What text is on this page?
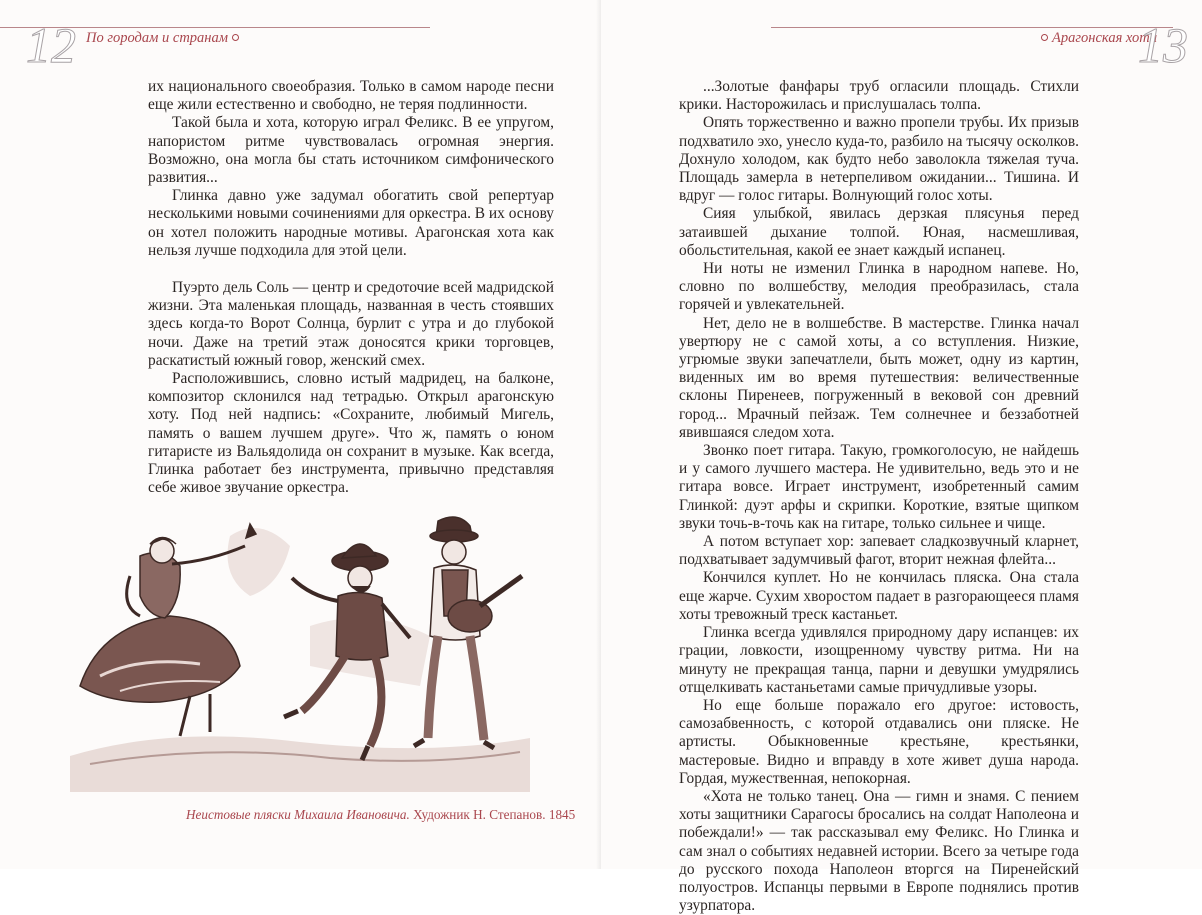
12 По городам и странам

их национального своеобразия. Только в самом народе песни еще жили естественно и свободно, не теряя подлинности.

Такой была и хота, которую играл Феликс. В ее упругом, напористом ритме чувствовалась огромная энергия. Возможно, она могла бы стать источником симфонического развития...

Глинка давно уже задумал обогатить свой репертуар несколькими новыми сочинениями для оркестра. В их основу он хотел положить народные мотивы. Арагонская хота как нельзя лучше подходила для этой цели.

Пуэрто дель Соль — центр и средоточие всей мадридской жизни. Эта маленькая площадь, названная в честь стоявших здесь когда-то Ворот Солнца, бурлит с утра и до глубокой ночи. Даже на третий этаж доносятся крики торговцев, раскатистый южный говор, женский смех.

Расположившись, словно истый мадридец, на балконе, композитор склонился над тетрадью. Открыл арагонскую хоту. Под ней надпись: «Сохраните, любимый Мигель, память о вашем лучшем друге». Что ж, память о юном гитаристе из Вальядолида он сохранит в музыке. Как всегда, Глинка работает без инструмента, привычно представляя себе живое звучание оркестра.

Неистовые пляски Михаила Ивановича. Художник Н. Степанов. 1845
Арагонская хота
13

...Золотые фанфары труб огласили площадь. Стихли крики. Насторожилась и прислушалась толпа.

Опять торжественно и важно пропели трубы. Их призыв подхватило эхо, унесло куда-то, разбило на тысячу осколков. Дохнуло холодом, как будто небо заволокла тяжелая туча. Площадь замерла в нетерпеливом ожидании... Тишина. И вдруг — голос гитары. Волнующий голос хоты.

Сияя улыбкой, явилась дерзкая плясунья перед затаившей дыхание толпой. Юная, насмешливая, обольстительная, какой ее знает каждый испанец.

Ни ноты не изменил Глинка в народном напеве. Но, словно по волшебству, мелодия преобразилась, стала горячей и увлекательней.

Нет, дело не в волшебстве. В мастерстве. Глинка начал увертюру не с самой хоты, а со вступления. Низкие, угрюмые звуки запечатлели, быть может, одну из картин, виденных им во время путешествия: величественные склоны Пиренеев, погруженный в вековой сон древний город... Мрачный пейзаж. Тем солнечнее и беззаботней явившаяся следом хота.

Звонко поет гитара. Такую, громкоголосую, не найдешь и у самого лучшего мастера. Не удивительно, ведь это и не гитара вовсе. Играет инструмент, изобретенный самим Глинкой: дуэт арфы и скрипки. Короткие, взятые щипком звуки точь-в-точь как на гитаре, только сильнее и чище.

А потом вступает хор: запевает сладкозвучный кларнет, подхватывает задумчивый фагот, вторит нежная флейта...

Кончился куплет. Но не кончилась пляска. Она стала еще жарче. Сухим хворостом падает в разгорающееся пламя хоты тревожный треск кастаньет.

Глинка всегда удивлялся природному дару испанцев: их грации, ловкости, изощренному чувству ритма. Ни на минуту не прекращая танца, парни и девушки умудрялись отщелкивать кастаньетами самые причудливые узоры.

Но еще больше поражало его другое: истовость, самозабвенность, с которой отдавались они пляске. Не артисты. Обыкновенные крестьяне, крестьянки, мастеровые. Видно и вправду в хоте живет душа народа. Гордая, мужественная, непокорная.

«Хота не только танец. Она — гимн и знамя. С пением хоты защитники Сарагосы бросались на солдат Наполеона и побеждали!» — так рассказывал ему Феликс. Но Глинка и сам знал о событиях недавней истории. Всего за четыре года до русского похода Наполеон вторгся на Пиренейский полуостров. Испанцы первыми в Европе поднялись против узурпатора.
